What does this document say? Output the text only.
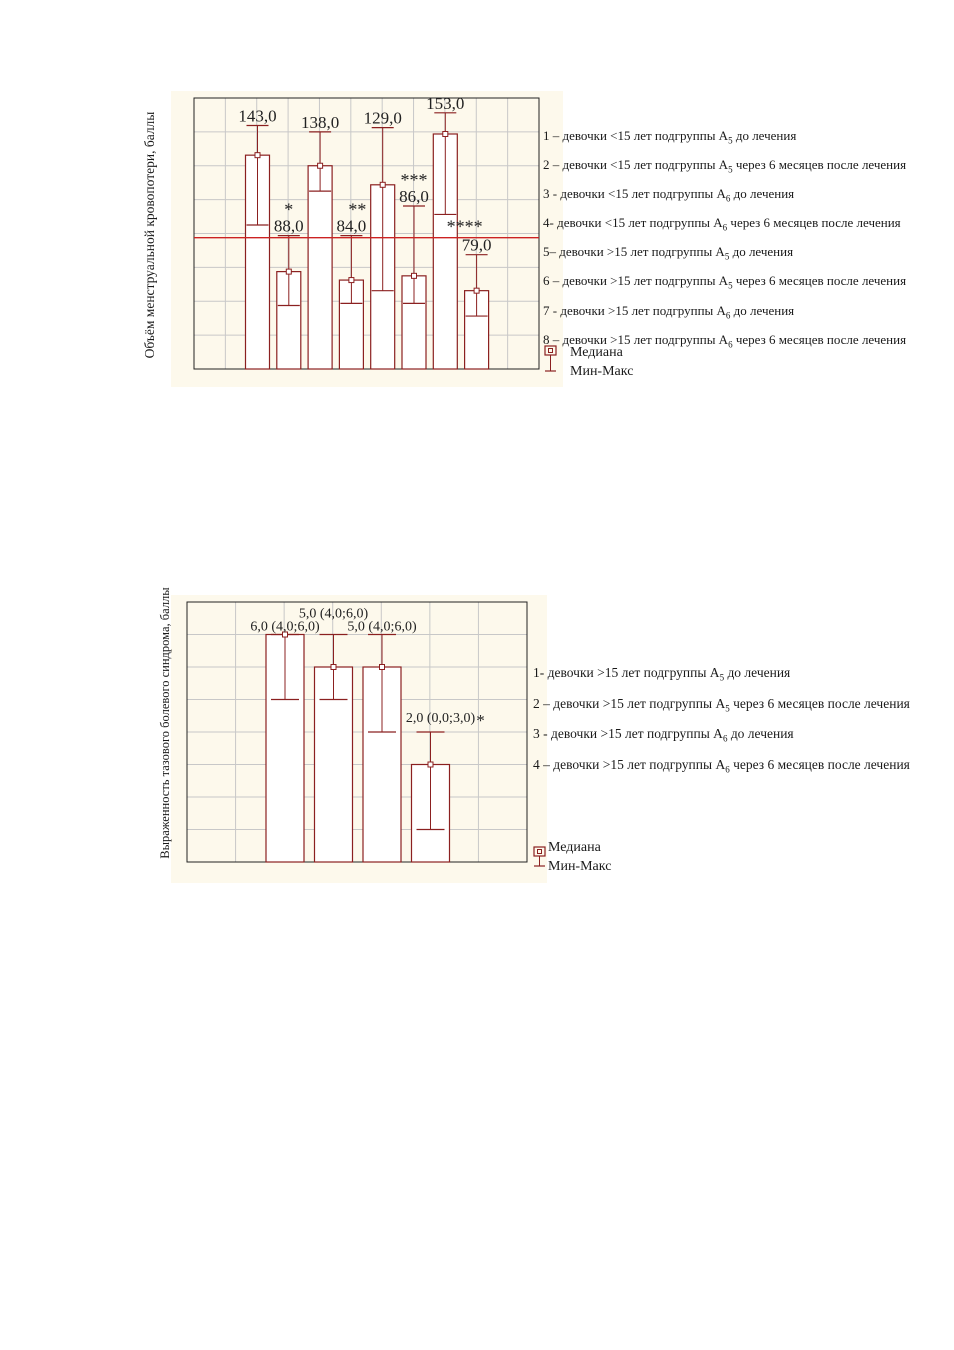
Объём менструальной кровопотери, баллы	143,0
88,0
*
138,0
84,0
**
129,0
86,0
***
153,0
79,0
****
1 – девочки <15 лет подгруппы $А_5$ до лечения
2 – девочки <15 лет подгруппы $А_5$ через 6 месяцев после лечения
3 - девочки <15 лет подгруппы $А_6$ до лечения
4- девочки <15 лет подгруппы $А_6$ через 6 месяцев после лечения
5– девочки >15 лет подгруппы $А_5$ до лечения
6 – девочки >15 лет подгруппы $А_5$ через 6 месяцев после лечения
7 - девочки >15 лет подгруппы $А_6$ до лечения
8 – девочки >15 лет подгруппы $А_6$ через 6 месяцев после лечения
Медиана
Мин-Макс
Выраженность тазового болевого синдрома, баллы	6,0 (4,0;6,0)
5,0 (4,0;6,0)
5,0 (4,0;6,0)
2,0 (0,0;3,0) *
1- девочки >15 лет подгруппы $А_5$ до лечения
2 – девочки >15 лет подгруппы $А_5$ через 6 месяцев после лечения
3 - девочки >15 лет подгруппы $А_6$ до лечения
4 – девочки >15 лет подгруппы $А_6$ через 6 месяцев после лечения
Медиана
Мин-Макс
